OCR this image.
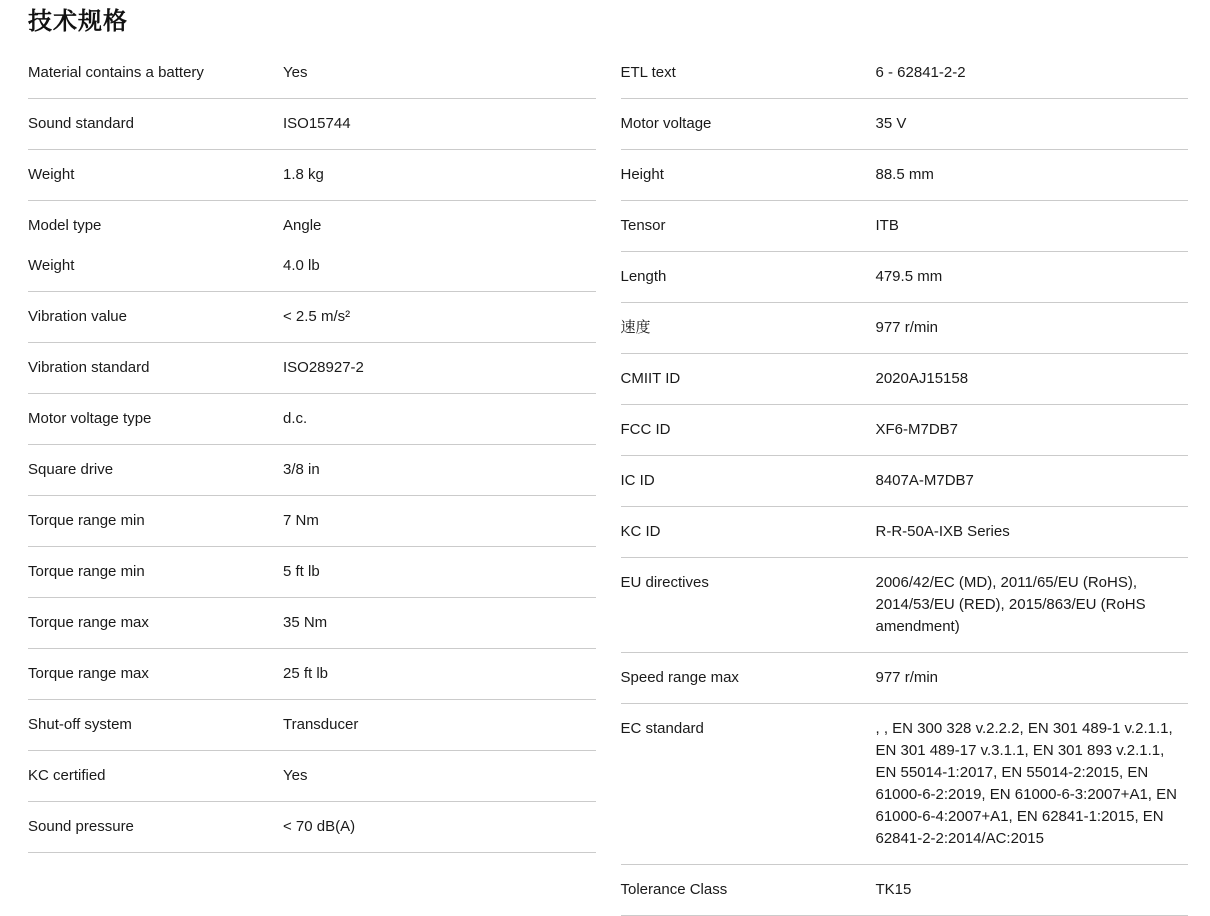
技术规格
Material contains a battery	Yes
Sound standard	ISO15744
Weight	1.8 kg
Model type	Angle
Weight	4.0 lb
Vibration value	< 2.5 m/s²
Vibration standard	ISO28927-2
Motor voltage type	d.c.
Square drive	3/8 in
Torque range min	7 Nm
Torque range min	5 ft lb
Torque range max	35 Nm
Torque range max	25 ft lb
Shut-off system	Transducer
KC certified	Yes
Sound pressure	< 70 dB(A)
ETL text	6 - 62841-2-2
Motor voltage	35 V
Height	88.5 mm
Tensor	ITB
Length	479.5 mm
速度	977 r/min
CMIIT ID	2020AJ15158
FCC ID	XF6-M7DB7
IC ID	8407A-M7DB7
KC ID	R-R-50A-IXB Series
EU directives	2006/42/EC (MD), 2011/65/EU (RoHS), 2014/53/EU (RED), 2015/863/EU (RoHS amendment)
Speed range max	977 r/min
EC standard	, , EN 300 328 v.2.2.2, EN 301 489-1 v.2.1.1, EN 301 489-17 v.3.1.1, EN 301 893 v.2.1.1, EN 55014-1:2017, EN 55014-2:2015, EN 61000-6-2:2019, EN 61000-6-3:2007+A1, EN 61000-6-4:2007+A1, EN 62841-1:2015, EN 62841-2-2:2014/AC:2015
Tolerance Class	TK15
